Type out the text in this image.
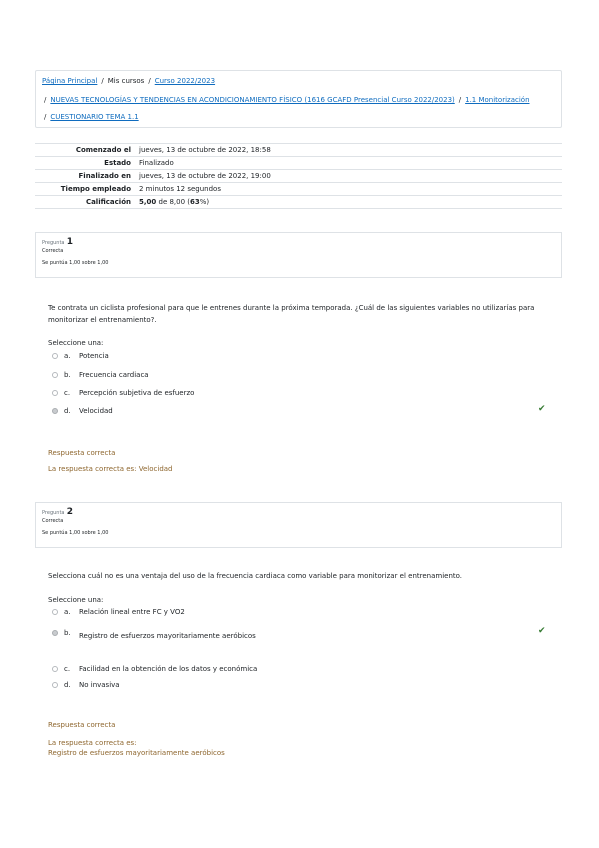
Página Principal / Mis cursos / Curso 2022/2023
/ NUEVAS TECNOLOGÍAS Y TENDENCIAS EN ACONDICIONAMIENTO FÍSICO (1616 GCAFD Presencial Curso 2022/2023) / 1.1 Monitorización
/ CUESTIONARIO TEMA 1.1
Comenzado el	jueves, 13 de octubre de 2022, 18:58
Estado	Finalizado
Finalizado en	jueves, 13 de octubre de 2022, 19:00
Tiempo empleado	2 minutos 12 segundos
Calificación	5,00 de 8,00 (63%)
Pregunta 1
Correcta
Se puntúa 1,00 sobre 1,00
Te contrata un ciclista profesional para que le entrenes durante la próxima temporada. ¿Cuál de las siguientes variables no utilizarías para monitorizar el entrenamiento?.
Seleccione una:
a.	Potencia
b.	Frecuencia cardiaca
c.	Percepción subjetiva de esfuerzo
d.	Velocidad	✔
Respuesta correcta
La respuesta correcta es: Velocidad
Pregunta 2
Correcta
Se puntúa 1,00 sobre 1,00
Selecciona cuál no es una ventaja del uso de la frecuencia cardiaca como variable para monitorizar el entrenamiento.
Seleccione una:
a.	Relación lineal entre FC y VO2
b.	Registro de esfuerzos mayoritariamente aeróbicos	✔
c.	Facilidad en la obtención de los datos y económica
d.	No invasiva
Respuesta correcta
La respuesta correcta es:
Registro de esfuerzos mayoritariamente aeróbicos
